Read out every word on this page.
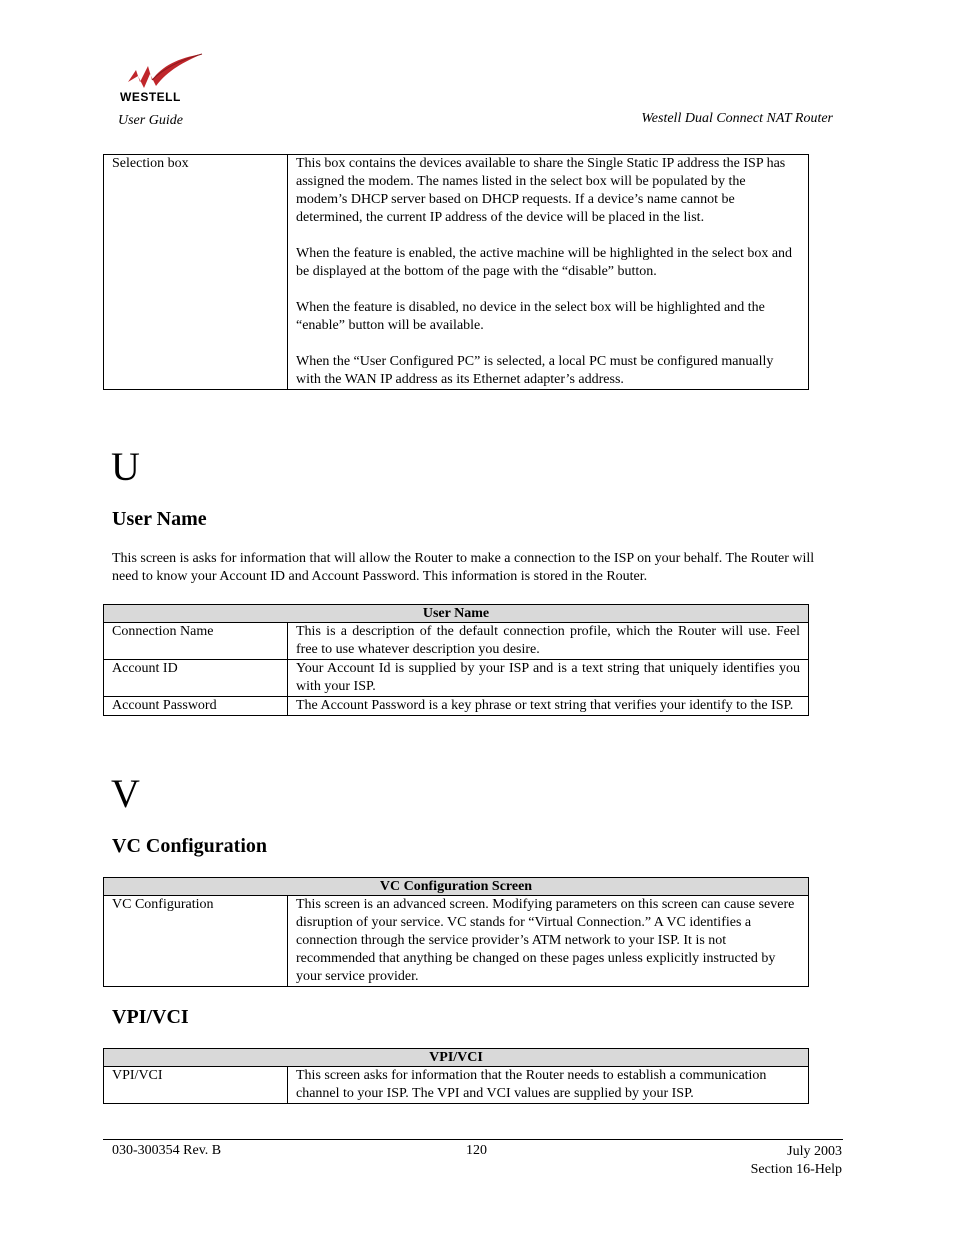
WESTELL
User Guide	Westell Dual Connect NAT Router
Selection box	This box contains the devices available to share the Single Static IP address the ISP has assigned the modem. The names listed in the select box will be populated by the modem’s DHCP server based on DHCP requests. If a device’s name cannot be determined, the current IP address of the device will be placed in the list.

When the feature is enabled, the active machine will be highlighted in the select box and be displayed at the bottom of the page with the “disable” button.

When the feature is disabled, no device in the select box will be highlighted and the “enable” button will be available.

When the “User Configured PC” is selected, a local PC must be configured manually with the WAN IP address as its Ethernet adapter’s address.

U
User Name
This screen is asks for information that will allow the Router to make a connection to the ISP on your behalf. The Router will need to know your Account ID and Account Password. This information is stored in the Router.
User Name	
Connection Name	This is a description of the default connection profile, which the Router will use. Feel free to use whatever description you desire.
Account ID	Your Account Id is supplied by your ISP and is a text string that uniquely identifies you with your ISP.
Account Password	The Account Password is a key phrase or text string that verifies your identify to the ISP.
V
VC Configuration
VC Configuration Screen
VC Configuration	This screen is an advanced screen. Modifying parameters on this screen can cause severe disruption of your service. VC stands for “Virtual Connection.” A VC identifies a connection through the service provider’s ATM network to your ISP. It is not recommended that anything be changed on these pages unless explicitly instructed by your service provider.
VPI/VCI
VPI/VCI
VPI/VCI	This screen asks for information that the Router needs to establish a communication channel to your ISP. The VPI and VCI values are supplied by your ISP.
030-300354 Rev. B	120	July 2003
Section 16-Help
